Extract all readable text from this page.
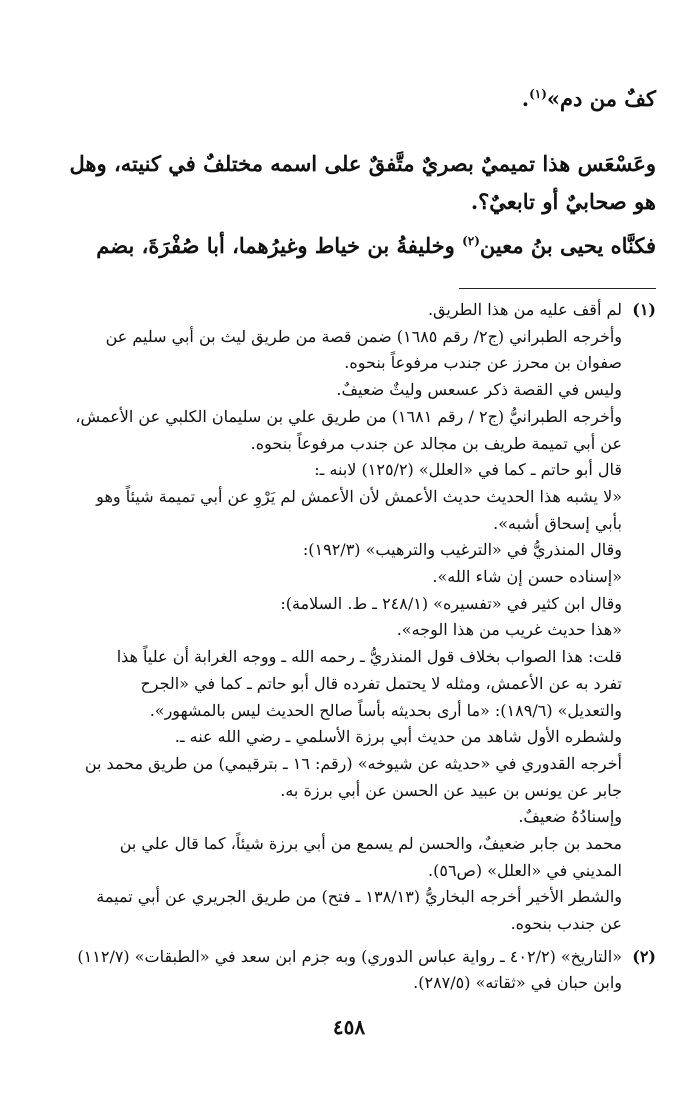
كفٌ من دم»$^{(١)}$.
وعَسْعَس هذا تميميٌ بصريٌ متَّفقٌ على اسمه مختلفٌ في كنيته، وهل
هو صحابيٌ أو تابعيٌ؟.
فكنَّاه يحيى بنُ معين$^{(٢)}$ وخليفةُ بن خياط وغيرُهما، أبا صُفْرَةَ، بضم
(١)
لم أقف عليه من هذا الطريق.
وأخرجه الطبراني (ج٢/ رقم ١٦٨٥) ضمن قصة من طريق ليث بن أبي سليم عن
صفوان بن محرز عن جندب مرفوعاً بنحوه.
وليس في القصة ذكر عسعس وليثٌ ضعيفٌ.
وأخرجه الطبرانيُّ (ج٢ / رقم ١٦٨١) من طريق علي بن سليمان الكلبي عن الأعمش،
عن أبي تميمة طريف بن مجالد عن جندب مرفوعاً بنحوه.
قال أبو حاتم ـ كما في «العلل» (١٢٥/٢) لابنه ـ:
«لا يشبه هذا الحديث حديث الأعمش لأن الأعمش لم يَرْوِ عن أبي تميمة شيئاً وهو
بأبي إسحاق أشبه».
وقال المنذريُّ في «الترغيب والترهيب» (١٩٢/٣):
«إسناده حسن إن شاء الله».
وقال ابن كثير في «تفسيره» (٢٤٨/١ ـ ط. السلامة):
«هذا حديث غريب من هذا الوجه».
قلت: هذا الصواب بخلاف قول المنذريُّ ـ رحمه الله ـ ووجه الغرابة أن علياً هذا
تفرد به عن الأعمش، ومثله لا يحتمل تفرده قال أبو حاتم ـ كما في «الجرح
والتعديل» (١٨٩/٦): «ما أرى بحديثه بأساً صالح الحديث ليس بالمشهور».
ولشطره الأول شاهد من حديث أبي برزة الأسلمي ـ رضي الله عنه ـ.
أخرجه القدوري في «حديثه عن شيوخه» (رقم: ١٦ ـ بترقيمي) من طريق محمد بن
جابر عن يونس بن عبيد عن الحسن عن أبي برزة به.
وإسنادُهُ ضعيفٌ.
محمد بن جابر ضعيفٌ، والحسن لم يسمع من أبي برزة شيئاً، كما قال علي بن
المديني في «العلل» (ص٥٦).
والشطر الأخير أخرجه البخاريُّ (١٣٨/١٣ ـ فتح) من طريق الجريري عن أبي تميمة
عن جندب بنحوه.
(٢)
«التاريخ» (٤٠٢/٢ ـ رواية عباس الدوري) وبه جزم ابن سعد في «الطبقات» (١١٢/٧)
وابن حبان في «ثقاته» (٢٨٧/٥).
٤٥٨
